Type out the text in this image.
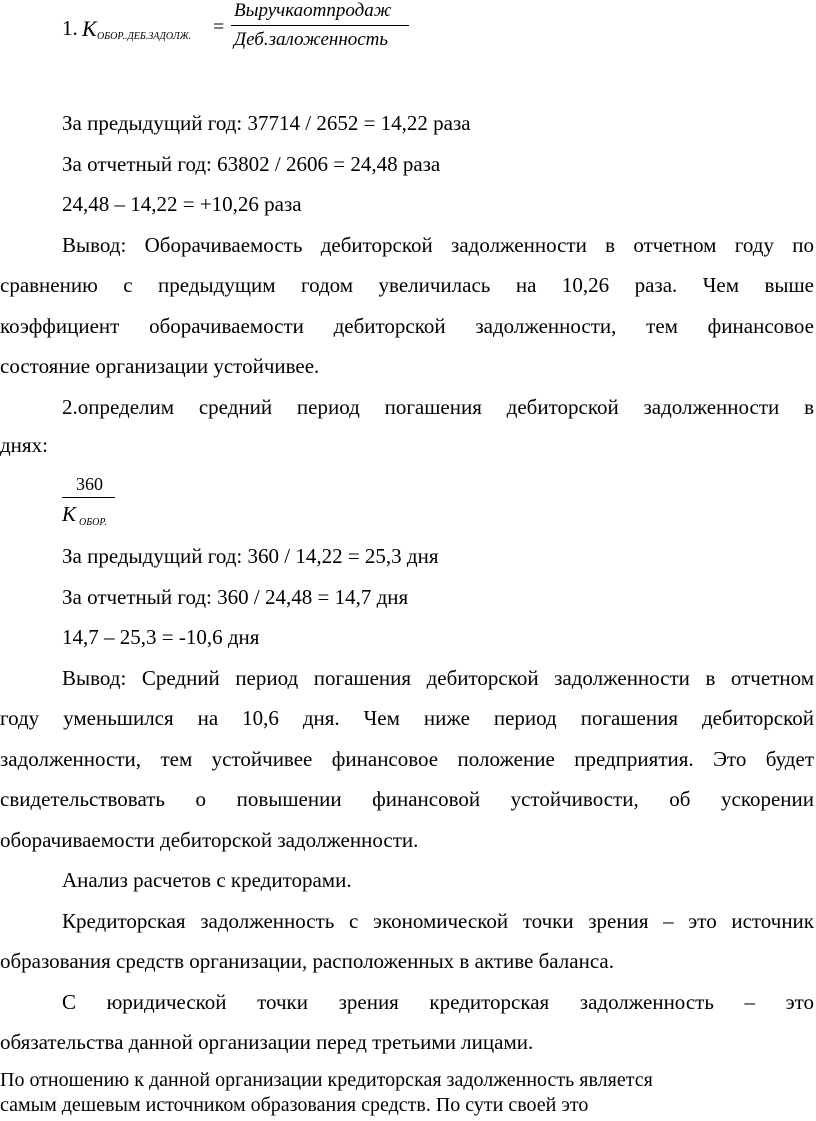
1. К ОБОР..ДЕБ.ЗАДОЛЖ. =
Выручкаотпродаж
Деб.заложенность
За предыдущий год: 37714 / 2652 = 14,22 раза
За отчетный год: 63802 / 2606 = 24,48 раза
24,48 – 14,22 = +10,26 раза
Вывод: Оборачиваемость дебиторской задолженности в отчетном году по
сравнению с предыдущим годом увеличилась на 10,26 раза. Чем выше
коэффициент оборачиваемости дебиторской задолженности, тем финансовое
состояние организации устойчивее.
2.определим средний период погашения дебиторской задолженности в
днях:
360
К ОБОР.
За предыдущий год: 360 / 14,22 = 25,3 дня
За отчетный год: 360 / 24,48 = 14,7 дня
14,7 – 25,3 = -10,6 дня
Вывод: Средний период погашения дебиторской задолженности в отчетном
году уменьшился на 10,6 дня. Чем ниже период погашения дебиторской
задолженности, тем устойчивее финансовое положение предприятия. Это будет
свидетельствовать о повышении финансовой устойчивости, об ускорении
оборачиваемости дебиторской задолженности.
Анализ расчетов с кредиторами.
Кредиторская задолженность с экономической точки зрения – это источник
образования средств организации, расположенных в активе баланса.
С юридической точки зрения кредиторская задолженность – это
обязательства данной организации перед третьими лицами.
По отношению к данной организации кредиторская задолженность является
самым дешевым источником образования средств. По сути своей это
